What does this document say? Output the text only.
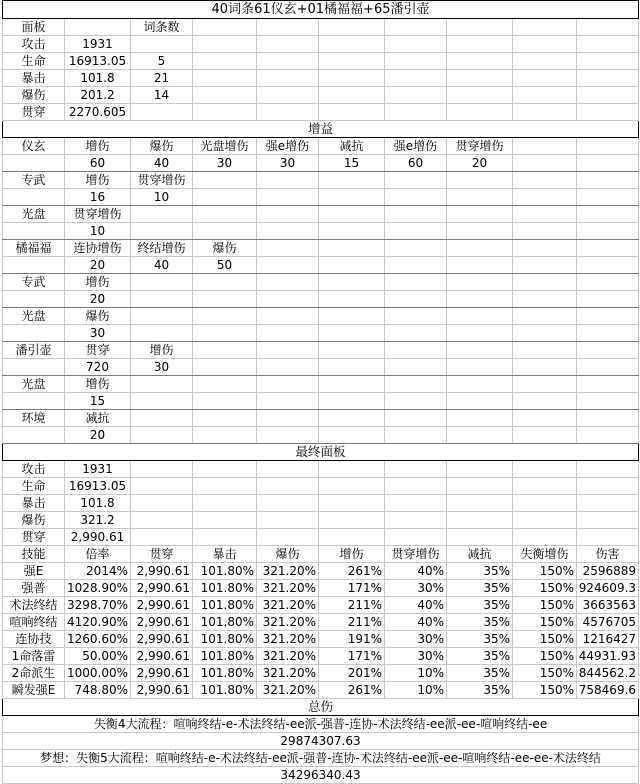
40词条61仪玄+01橘福福+65潘引壶									
面板		词条数							
攻击	1931								
生命	16913.05	5							
暴击	101.8	21							
爆伤	201.2	14							
贯穿	2270.605								
增益									
仪玄	增伤	爆伤	光盘增伤	强e增伤	减抗	强e增伤	贯穿增伤		
	60	40	30	30	15	60	20		
专武	增伤	贯穿增伤							
	16	10							
光盘	贯穿增伤								
	10								
橘福福	连协增伤	终结增伤	爆伤						
	20	40	50						
专武	增伤								
	20								
光盘	爆伤								
	30								
潘引壶	贯穿	增伤							
	720	30							
光盘	增伤								
	15								
环境	减抗								
	20								
最终面板									
攻击	1931								
生命	16913.05								
暴击	101.8								
爆伤	321.2								
贯穿	2,990.61								
技能	倍率	贯穿	暴击	爆伤	增伤	贯穿增伤	减抗	失衡增伤	伤害
强E	2014%	2,990.61	101.80%	321.20%	261%	40%	35%	150%	2596889
强普	1028.90%	2,990.61	101.80%	321.20%	171%	30%	35%	150%	924609.3
术法终结	3298.70%	2,990.61	101.80%	321.20%	211%	40%	35%	150%	3663563
喧响终结	4120.90%	2,990.61	101.80%	321.20%	211%	40%	35%	150%	4576705
连协技	1260.60%	2,990.61	101.80%	321.20%	191%	30%	35%	150%	1216427
1命落雷	50.00%	2,990.61	101.80%	321.20%	171%	30%	35%	150%	44931.93
2命派生	1000.00%	2,990.61	101.80%	321.20%	201%	10%	35%	150%	844562.2
瞬发强E	748.80%	2,990.61	101.80%	321.20%	261%	10%	35%	150%	758469.6
总伤									
失衡4大流程：喧响终结-e-术法终结-ee派-强普-连协-术法终结-ee派-ee-喧响终结-ee									
29874307.63									
梦想：失衡5大流程：喧响终结-e-术法终结-ee派-强普-连协-术法终结-ee派-ee-喧响终结-ee-ee-术法终结									
34296340.43									
